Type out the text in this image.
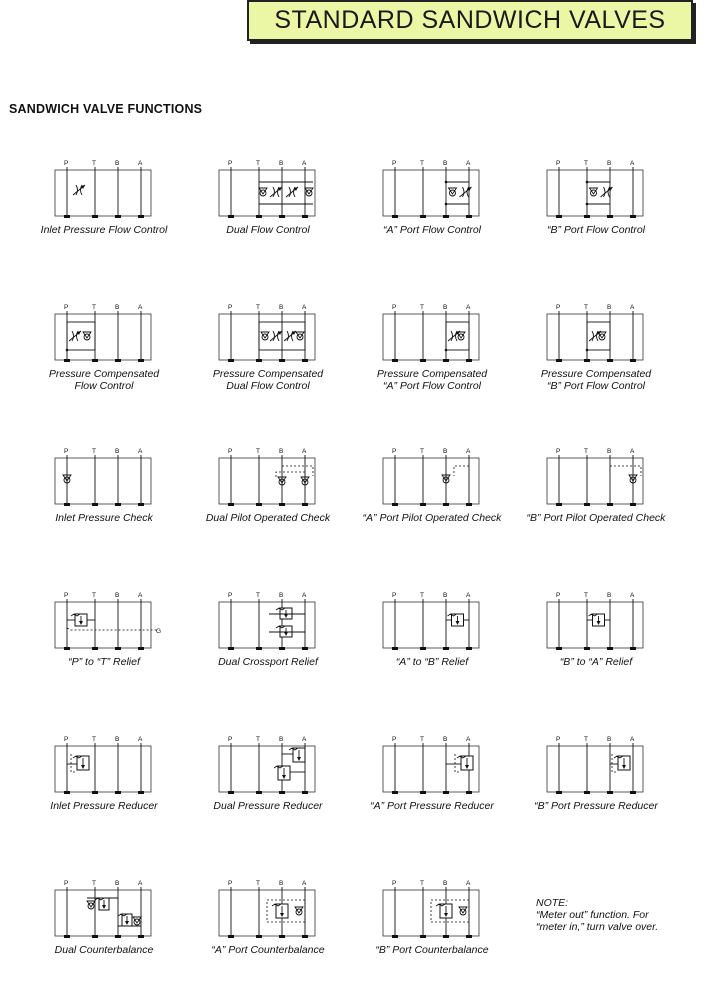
STANDARD SANDWICH VALVES
SANDWICH VALVE FUNCTIONS
P	T	B	A
Inlet Pressure Flow Control
P	T	B	A
Dual Flow Control
P	T	B	A
“A” Port Flow Control
P	T	B	A
“B” Port Flow Control
P	T	B	A
Pressure Compensated
Flow Control
P	T	B	A
Pressure Compensated
Dual Flow Control
P	T	B	A
Pressure Compensated
“A” Port Flow Control
P	T	B	A
Pressure Compensated
“B” Port Flow Control
P	T	B	A
Inlet Pressure Check
P	T	B	A
Dual Pilot Operated Check
P	T	B	A
“A” Port Pilot Operated Check
P	T	B	A
“B” Port Pilot Operated Check
P	T	B	A
G
“P” to “T” Relief
P	T	B	A
Dual Crossport Relief
P	T	B	A
“A” to “B” Relief
P	T	B	A
“B” to “A” Relief
P	T	B	A
Inlet Pressure Reducer
P	T	B	A
Dual Pressure Reducer
P	T	B	A
“A” Port Pressure Reducer
P	T	B	A
“B” Port Pressure Reducer
P	T	B	A
Dual Counterbalance
P	T	B	A
“A” Port Counterbalance
P	T	B	A
“B” Port Counterbalance
NOTE:
“Meter out” function. For
“meter in,” turn valve over.
